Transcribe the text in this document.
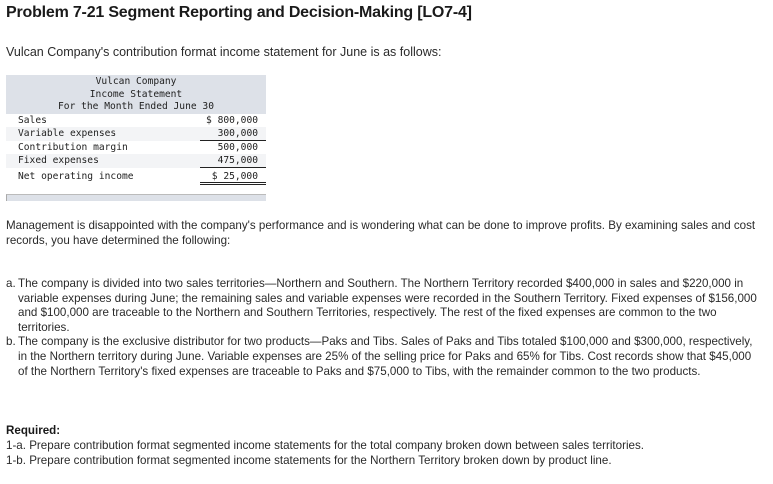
Problem 7-21 Segment Reporting and Decision-Making [LO7-4]
Vulcan Company's contribution format income statement for June is as follows:
Vulcan Company
Income Statement
For the Month Ended June 30
Sales	$ 800,000
Variable expenses	300,000
Contribution margin	500,000
Fixed expenses	475,000
Net operating income	$ 25,000
Management is disappointed with the company's performance and is wondering what can be done to improve profits. By examining sales and cost records, you have determined the following:
a. The company is divided into two sales territories—Northern and Southern. The Northern Territory recorded $400,000 in sales and $220,000 in variable expenses during June; the remaining sales and variable expenses were recorded in the Southern Territory. Fixed expenses of $156,000 and $100,000 are traceable to the Northern and Southern Territories, respectively. The rest of the fixed expenses are common to the two territories.
b. The company is the exclusive distributor for two products—Paks and Tibs. Sales of Paks and Tibs totaled $100,000 and $300,000, respectively, in the Northern territory during June. Variable expenses are 25% of the selling price for Paks and 65% for Tibs. Cost records show that $45,000 of the Northern Territory's fixed expenses are traceable to Paks and $75,000 to Tibs, with the remainder common to the two products.
Required:
1-a. Prepare contribution format segmented income statements for the total company broken down between sales territories.
1-b. Prepare contribution format segmented income statements for the Northern Territory broken down by product line.
